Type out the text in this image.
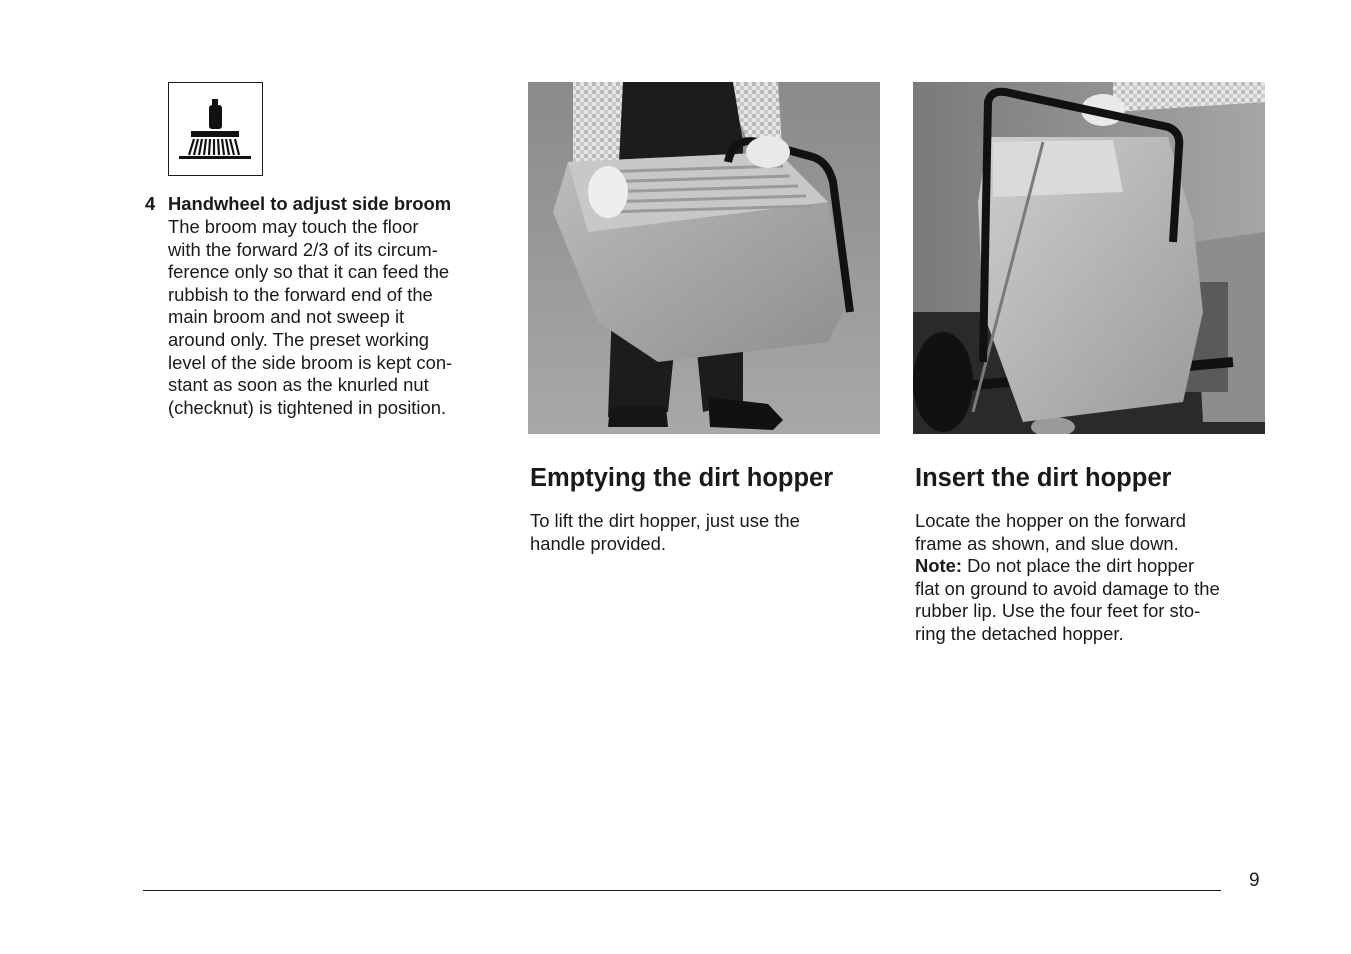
4 Handwheel to adjust side broom
The broom may touch the floor
with the forward 2/3 of its circum-
ference only so that it can feed the
rubbish to the forward end of the
main broom and not sweep it
around only. The preset working
level of the side broom is kept con-
stant as soon as the knurled nut
(checknut) is tightened in position.
Emptying the dirt hopper
To lift the dirt hopper, just use the
handle provided.
Insert the dirt hopper
Locate the hopper on the forward
frame as shown, and slue down.
Note: Do not place the dirt hopper
flat on ground to avoid damage to the
rubber lip. Use the four feet for sto-
ring the detached hopper.
9
